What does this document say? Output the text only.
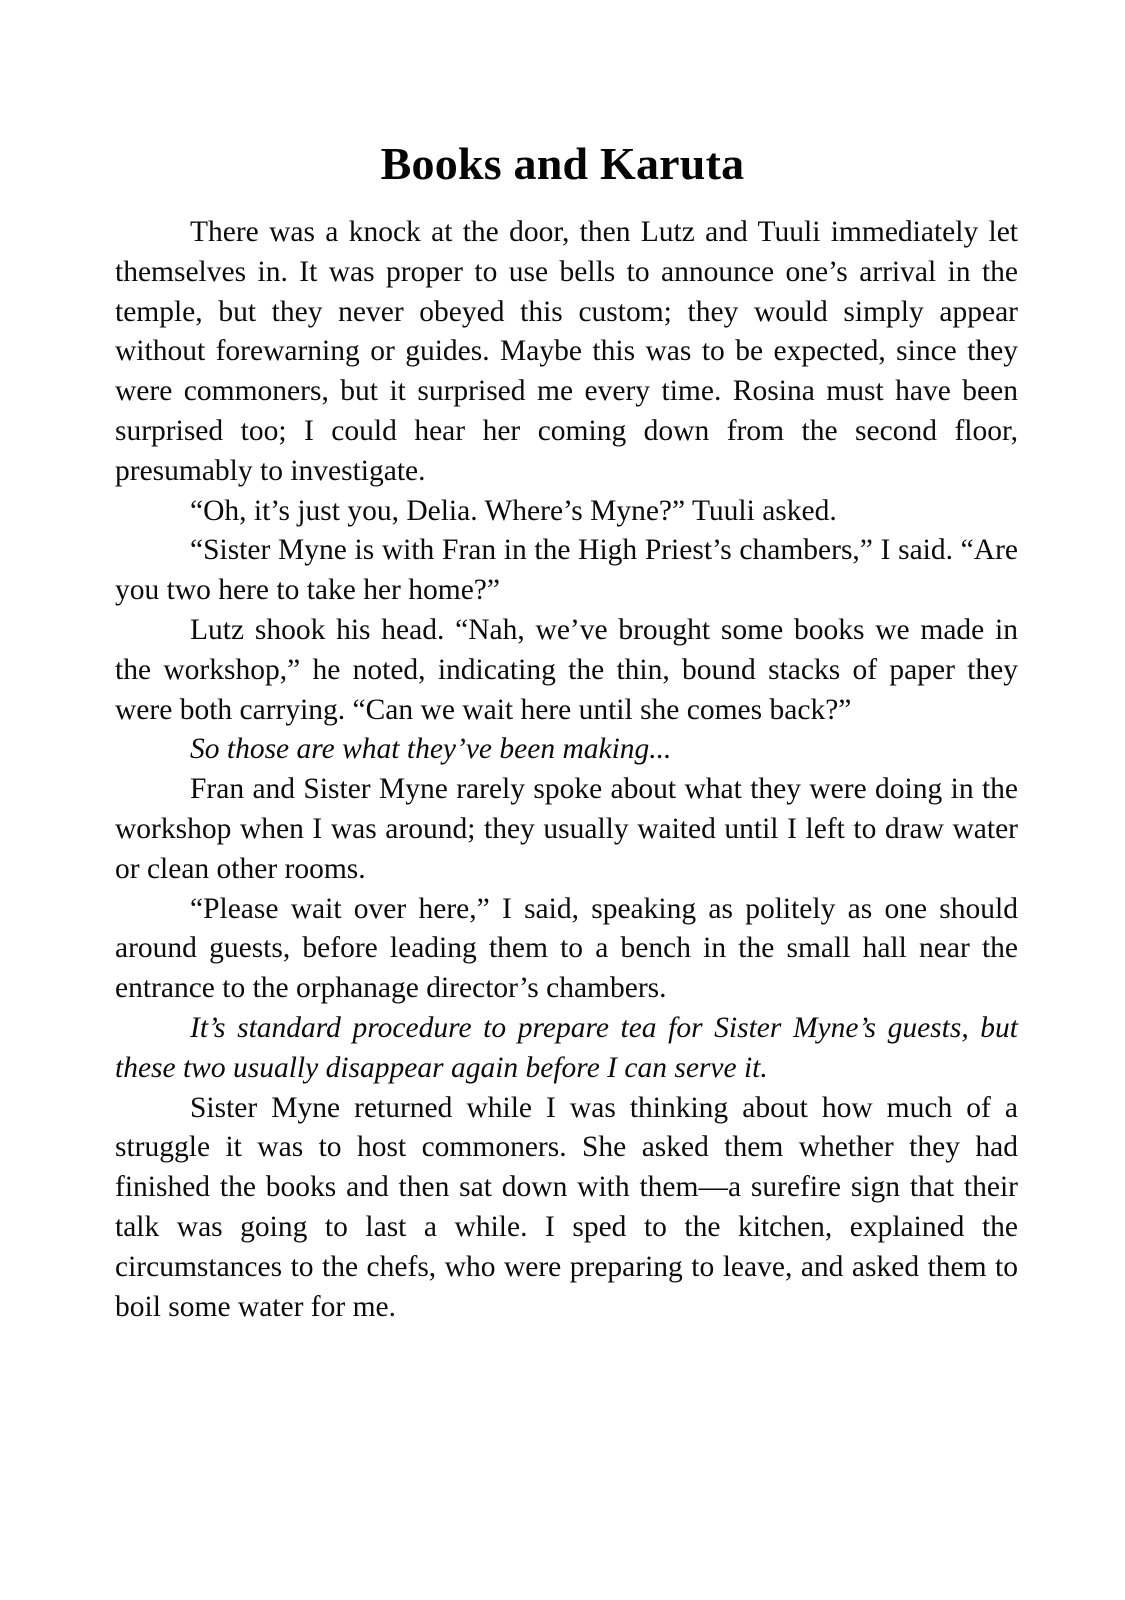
Books and Karuta

There was a knock at the door, then Lutz and Tuuli immediately let themselves in. It was proper to use bells to announce one’s arrival in the temple, but they never obeyed this custom; they would simply appear without forewarning or guides. Maybe this was to be expected, since they were commoners, but it surprised me every time. Rosina must have been surprised too; I could hear her coming down from the second floor, presumably to investigate.

“Oh, it’s just you, Delia. Where’s Myne?” Tuuli asked.

“Sister Myne is with Fran in the High Priest’s chambers,” I said. “Are you two here to take her home?”

Lutz shook his head. “Nah, we’ve brought some books we made in the workshop,” he noted, indicating the thin, bound stacks of paper they were both carrying. “Can we wait here until she comes back?”

So those are what they’ve been making...

Fran and Sister Myne rarely spoke about what they were doing in the workshop when I was around; they usually waited until I left to draw water or clean other rooms.

“Please wait over here,” I said, speaking as politely as one should around guests, before leading them to a bench in the small hall near the entrance to the orphanage director’s chambers.

It’s standard procedure to prepare tea for Sister Myne’s guests, but these two usually disappear again before I can serve it.

Sister Myne returned while I was thinking about how much of a struggle it was to host commoners. She asked them whether they had finished the books and then sat down with them—a surefire sign that their talk was going to last a while. I sped to the kitchen, explained the circumstances to the chefs, who were preparing to leave, and asked them to boil some water for me.
